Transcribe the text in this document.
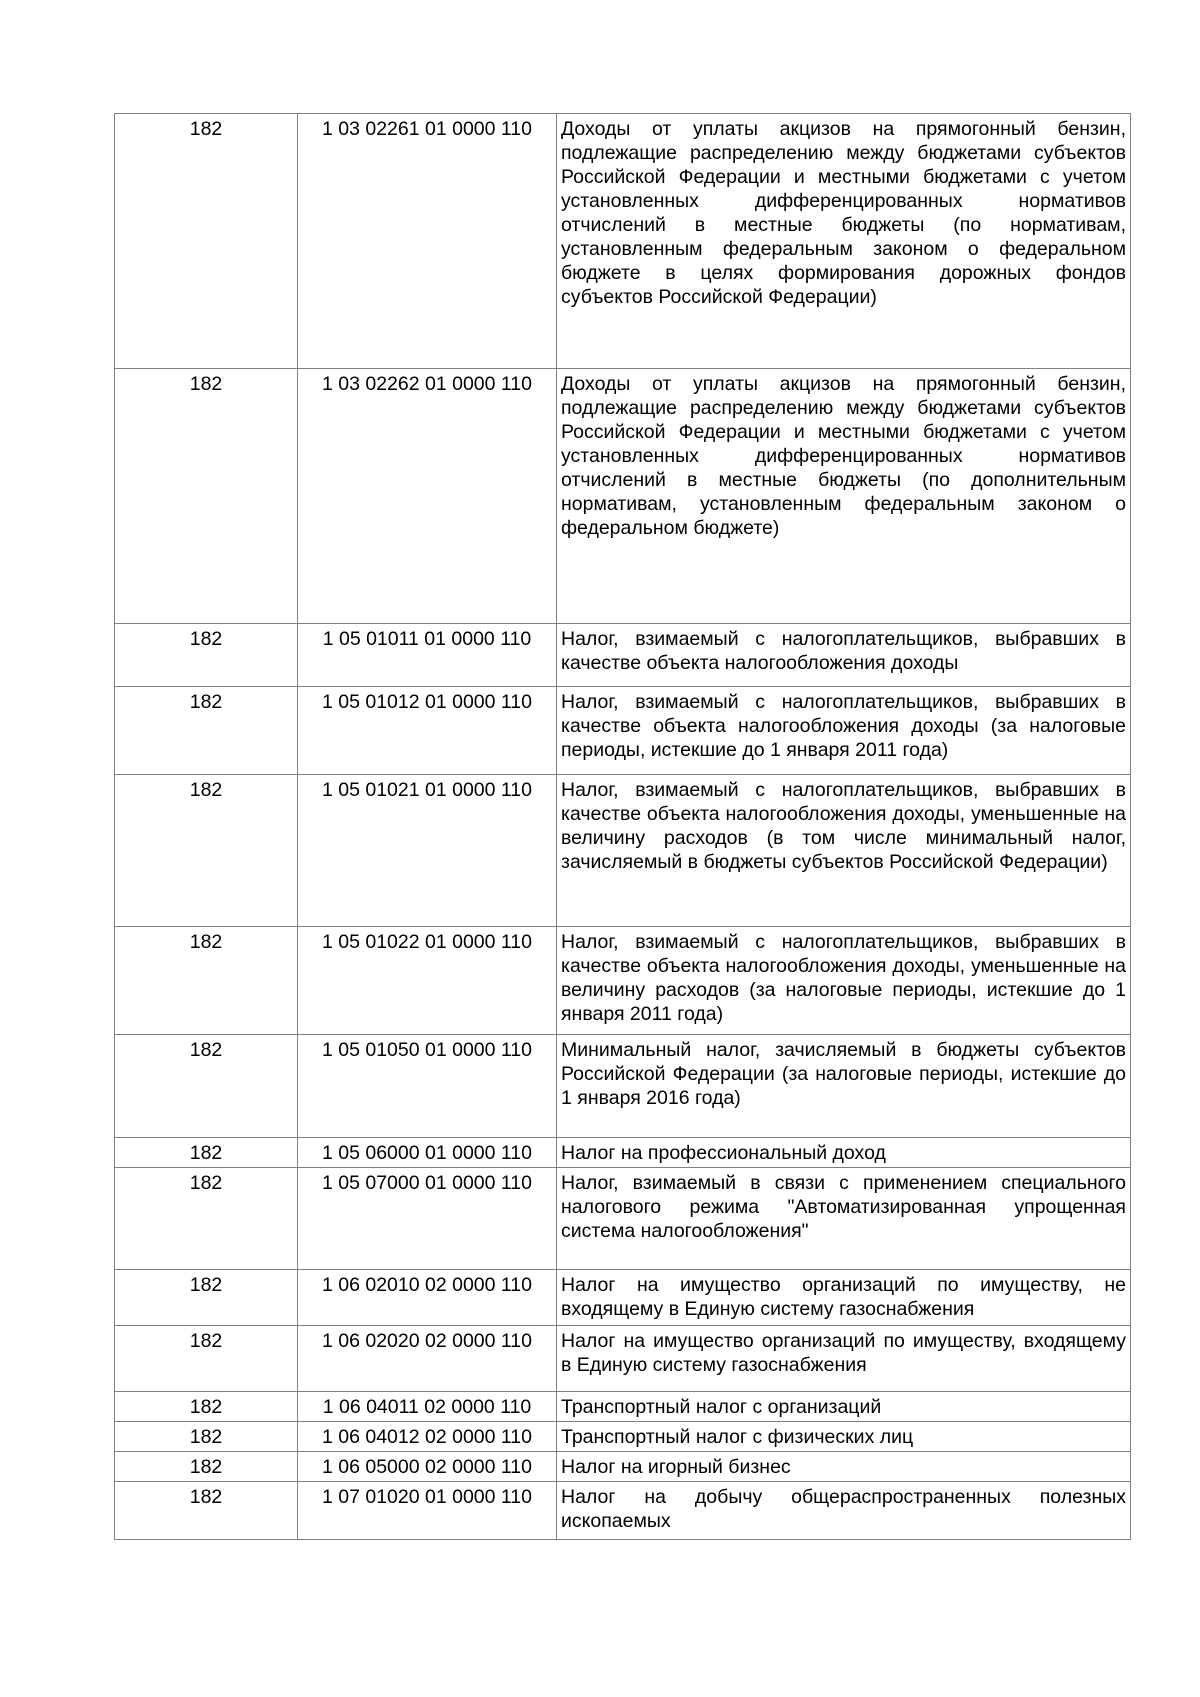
182	1 03 02261 01 0000 110	Доходы от уплаты акцизов на прямогонный бензин, подлежащие распределению между бюджетами субъектов Российской Федерации и местными бюджетами с учетом установленных дифференцированных нормативов отчислений в местные бюджеты (по нормативам, установленным федеральным законом о федеральном бюджете в целях формирования дорожных фондов субъектов Российской Федерации)
182	1 03 02262 01 0000 110	Доходы от уплаты акцизов на прямогонный бензин, подлежащие распределению между бюджетами субъектов Российской Федерации и местными бюджетами с учетом установленных дифференцированных нормативов отчислений в местные бюджеты (по дополнительным нормативам, установленным федеральным законом о федеральном бюджете)
182	1 05 01011 01 0000 110	Налог, взимаемый с налогоплательщиков, выбравших в качестве объекта налогообложения доходы
182	1 05 01012 01 0000 110	Налог, взимаемый с налогоплательщиков, выбравших в качестве объекта налогообложения доходы (за налоговые периоды, истекшие до 1 января 2011 года)
182	1 05 01021 01 0000 110	Налог, взимаемый с налогоплательщиков, выбравших в качестве объекта налогообложения доходы, уменьшенные на величину расходов (в том числе минимальный налог, зачисляемый в бюджеты субъектов Российской Федерации)
182	1 05 01022 01 0000 110	Налог, взимаемый с налогоплательщиков, выбравших в качестве объекта налогообложения доходы, уменьшенные на величину расходов (за налоговые периоды, истекшие до 1 января 2011 года)
182	1 05 01050 01 0000 110	Минимальный налог, зачисляемый в бюджеты субъектов Российской Федерации (за налоговые периоды, истекшие до 1 января 2016 года)
182	1 05 06000 01 0000 110	Налог на профессиональный доход
182	1 05 07000 01 0000 110	Налог, взимаемый в связи с применением специального налогового режима "Автоматизированная упрощенная система налогообложения"
182	1 06 02010 02 0000 110	Налог на имущество организаций по имуществу, не входящему в Единую систему газоснабжения
182	1 06 02020 02 0000 110	Налог на имущество организаций по имуществу, входящему в Единую систему газоснабжения
182	1 06 04011 02 0000 110	Транспортный налог с организаций
182	1 06 04012 02 0000 110	Транспортный налог с физических лиц
182	1 06 05000 02 0000 110	Налог на игорный бизнес
182	1 07 01020 01 0000 110	Налог на добычу общераспространенных полезных ископаемых
